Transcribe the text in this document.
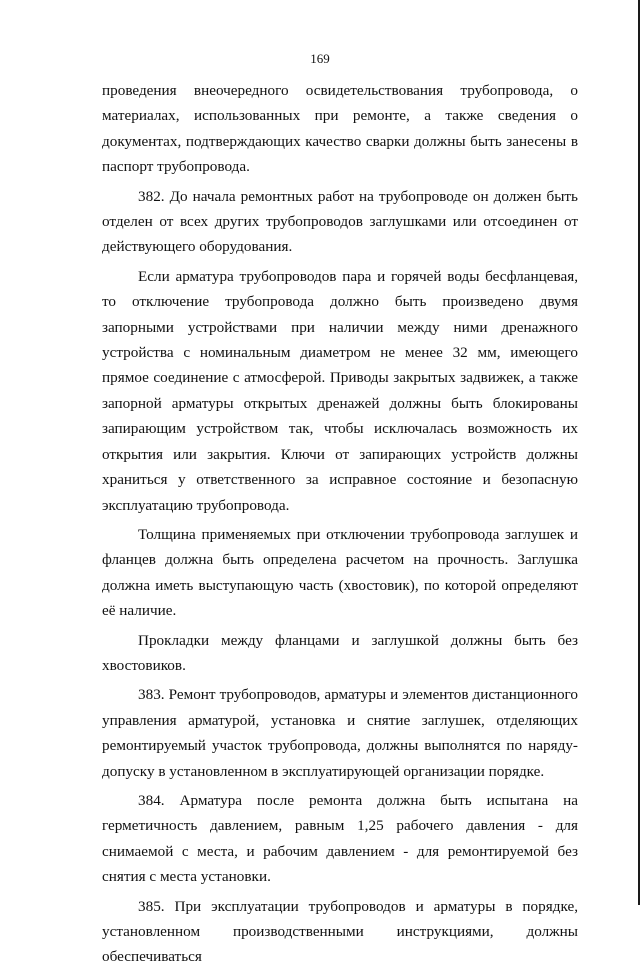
169

проведения внеочередного освидетельствования трубопровода, о материалах, использованных при ремонте, а также сведения о документах, подтверждающих качество сварки должны быть занесены в паспорт трубопровода.

382. До начала ремонтных работ на трубопроводе он должен быть отделен от всех других трубопроводов заглушками или отсоединен от действующего оборудования.

Если арматура трубопроводов пара и горячей воды бесфланцевая, то отключение трубопровода должно быть произведено двумя запорными устройствами при наличии между ними дренажного устройства с номинальным диаметром не менее 32 мм, имеющего прямое соединение с атмосферой. Приводы закрытых задвижек, а также запорной арматуры открытых дренажей должны быть блокированы запирающим устройством так, чтобы исключалась возможность их открытия или закрытия. Ключи от запирающих устройств должны храниться у ответственного за исправное состояние и безопасную эксплуатацию трубопровода.

Толщина применяемых при отключении трубопровода заглушек и фланцев должна быть определена расчетом на прочность. Заглушка должна иметь выступающую часть (хвостовик), по которой определяют её наличие.

Прокладки между фланцами и заглушкой должны быть без хвостовиков.

383. Ремонт трубопроводов, арматуры и элементов дистанционного управления арматурой, установка и снятие заглушек, отделяющих ремонтируемый участок трубопровода, должны выполнятся по наряду-допуску в установленном в эксплуатирующей организации порядке.

384. Арматура после ремонта должна быть испытана на герметичность давлением, равным 1,25 рабочего давления - для снимаемой с места, и рабочим давлением - для ремонтируемой без снятия с места установки.

385. При эксплуатации трубопроводов и арматуры в порядке, установленном производственными инструкциями, должны обеспечиваться
